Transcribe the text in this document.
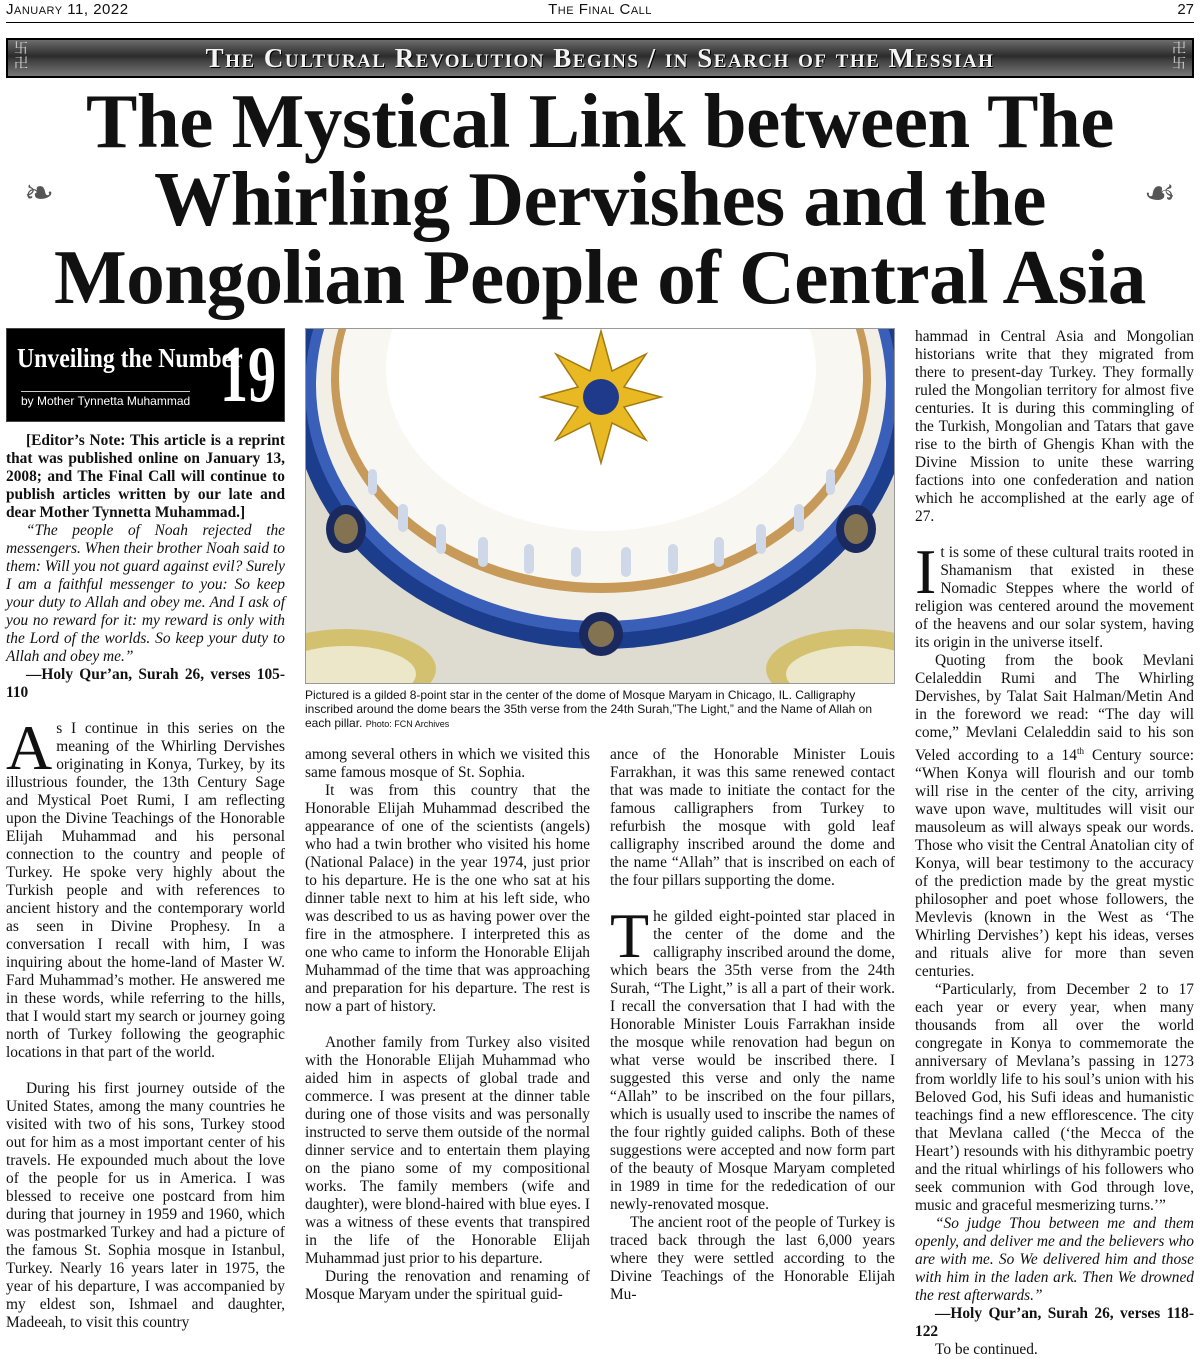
January 11, 2022	The Final Call	27
卐
卍	The Cultural Revolution Begins / in Search of the Messiah	卍
卐
❧	☙
The Mystical Link between The
Whirling Dervishes and the
Mongolian People of Central Asia
Unveiling the Number
by Mother Tynnetta Muhammad 19

[Editor’s Note: This article is a reprint that was published online on January 13, 2008; and The Final Call will continue to publish articles written by our late and dear Mother Tynnetta Muhammad.]

“The people of Noah rejected the messengers. When their brother Noah said to them: Will you not guard against evil? Surely I am a faithful messenger to you: So keep your duty to Allah and obey me. And I ask of you no reward for it: my reward is only with the Lord of the worlds. So keep your duty to Allah and obey me.”

—Holy Qur’an, Surah 26, verses 105-110

As I continue in this series on the meaning of the Whirling Dervishes originating in Konya, Turkey, by its illustrious founder, the 13th Century Sage and Mystical Poet Rumi, I am reflecting upon the Divine Teachings of the Honorable Elijah Muhammad and his personal connection to the country and people of Turkey. He spoke very highly about the Turkish people and with references to ancient history and the contemporary world as seen in Divine Prophesy. In a conversation I recall with him, I was inquiring about the home-land of Master W. Fard Muhammad’s mother. He answered me in these words, while referring to the hills, that I would start my search or journey going north of Turkey following the geographic locations in that part of the world.

During his first journey outside of the United States, among the many countries he visited with two of his sons, Turkey stood out for him as a most important center of his travels. He expounded much about the love of the people for us in America. I was blessed to receive one postcard from him during that journey in 1959 and 1960, which was postmarked Turkey and had a picture of the famous St. Sophia mosque in Istanbul, Turkey. Nearly 16 years later in 1975, the year of his departure, I was accompanied by my eldest son, Ishmael and daughter, Madeeah, to visit this country

Pictured is a gilded 8-point star in the center of the dome of Mosque Maryam in Chicago, IL. Calligraphy inscribed around the dome bears the 35th verse from the 24th Surah,”The Light,” and the Name of Allah on each pillar. Photo: FCN Archives

among several others in which we visited this same famous mosque of St. Sophia.

It was from this country that the Honorable Elijah Muhammad described the appearance of one of the scientists (angels) who had a twin brother who visited his home (National Palace) in the year 1974, just prior to his departure. He is the one who sat at his dinner table next to him at his left side, who was described to us as having power over the fire in the atmosphere. I interpreted this as one who came to inform the Honorable Elijah Muhammad of the time that was approaching and preparation for his departure. The rest is now a part of history.

Another family from Turkey also visited with the Honorable Elijah Muhammad who aided him in aspects of global trade and commerce. I was present at the dinner table during one of those visits and was personally instructed to serve them outside of the normal dinner service and to entertain them playing on the piano some of my compositional works. The family members (wife and daughter), were blond-haired with blue eyes. I was a witness of these events that transpired in the life of the Honorable Elijah Muhammad just prior to his departure.

During the renovation and renaming of Mosque Maryam under the spiritual guid-

ance of the Honorable Minister Louis Farrakhan, it was this same renewed contact that was made to initiate the contact for the famous calligraphers from Turkey to refurbish the mosque with gold leaf calligraphy inscribed around the dome and the name “Allah” that is inscribed on each of the four pillars supporting the dome.

The gilded eight-pointed star placed in the center of the dome and the calligraphy inscribed around the dome, which bears the 35th verse from the 24th Surah, “The Light,” is all a part of their work. I recall the conversation that I had with the Honorable Minister Louis Farrakhan inside the mosque while renovation had begun on what verse would be inscribed there. I suggested this verse and only the name “Allah” to be inscribed on the four pillars, which is usually used to inscribe the names of the four rightly guided caliphs. Both of these suggestions were accepted and now form part of the beauty of Mosque Maryam completed in 1989 in time for the rededication of our newly-renovated mosque.

The ancient root of the people of Turkey is traced back through the last 6,000 years where they were settled according to the Divine Teachings of the Honorable Elijah Mu-

hammad in Central Asia and Mongolian historians write that they migrated from there to present-day Turkey. They formally ruled the Mongolian territory for almost five centuries. It is during this commingling of the Turkish, Mongolian and Tatars that gave rise to the birth of Ghengis Khan with the Divine Mission to unite these warring factions into one confederation and nation which he accomplished at the early age of 27.

It is some of these cultural traits rooted in Shamanism that existed in these Nomadic Steppes where the world of religion was centered around the movement of the heavens and our solar system, having its origin in the universe itself.

Quoting from the book Mevlani Celaleddin Rumi and The Whirling Dervishes, by Talat Sait Halman/Metin And in the foreword we read: “The day will come,” Mevlani Celaleddin said to his son Veled according to a 14th Century source: “When Konya will flourish and our tomb will rise in the center of the city, arriving wave upon wave, multitudes will visit our mausoleum as will always speak our words. Those who visit the Central Anatolian city of Konya, will bear testimony to the accuracy of the prediction made by the great mystic philosopher and poet whose followers, the Mevlevis (known in the West as ‘The Whirling Dervishes’) kept his ideas, verses and rituals alive for more than seven centuries.

“Particularly, from December 2 to 17 each year or every year, when many thousands from all over the world congregate in Konya to commemorate the anniversary of Mevlana’s passing in 1273 from worldly life to his soul’s union with his Beloved God, his Sufi ideas and humanistic teachings find a new efflorescence. The city that Mevlana called (‘the Mecca of the Heart’) resounds with his dithyrambic poetry and the ritual whirlings of his followers who seek communion with God through love, music and graceful mesmerizing turns.’”

“So judge Thou between me and them openly, and deliver me and the believers who are with me. So We delivered him and those with him in the laden ark. Then We drowned the rest afterwards.”

—Holy Qur’an, Surah 26, verses 118-122

To be continued.
